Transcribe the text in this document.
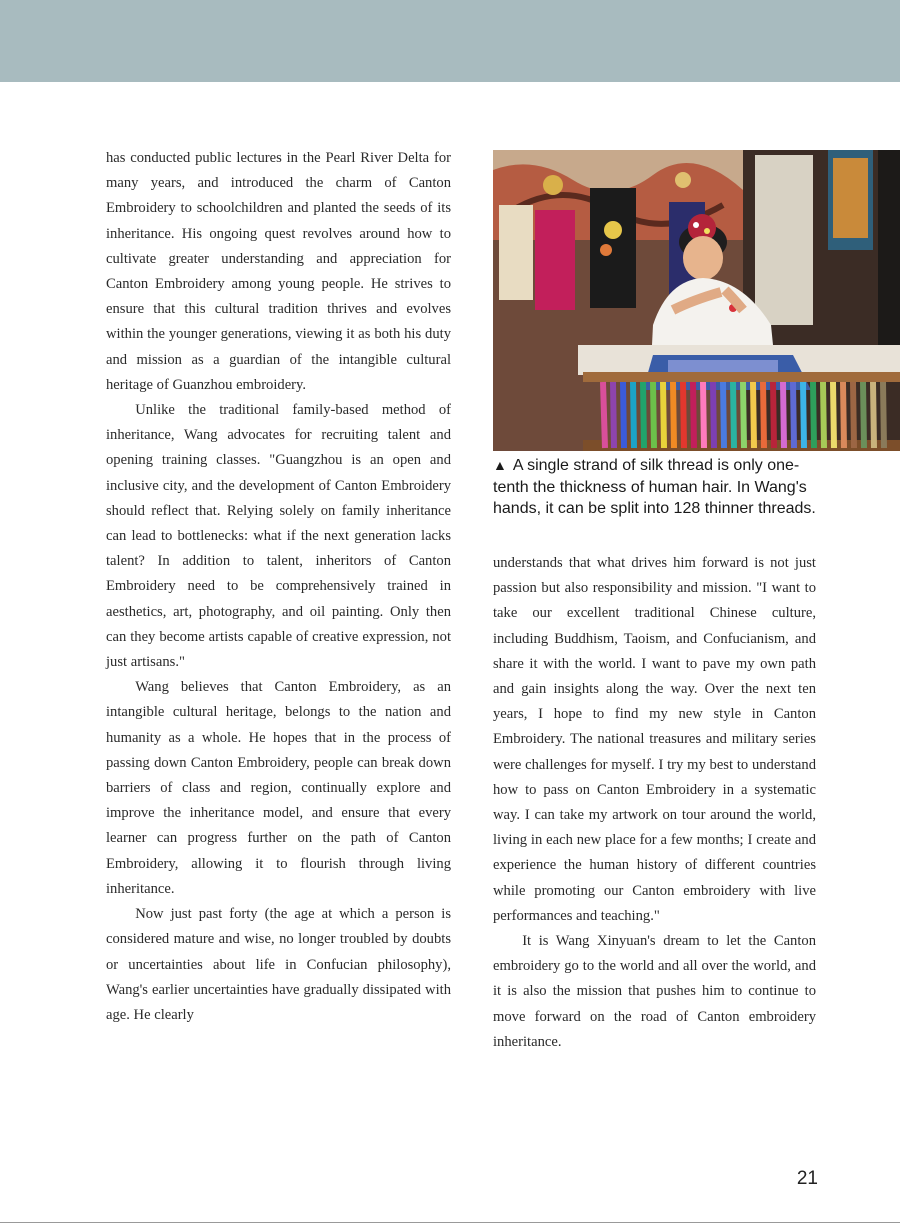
has conducted public lectures in the Pearl River Delta for many years, and introduced the charm of Canton Embroidery to schoolchildren and planted the seeds of its inheritance. His ongoing quest revolves around how to cultivate greater understanding and appreciation for Canton Embroidery among young people. He strives to ensure that this cultural tradition thrives and evolves within the younger generations, viewing it as both his duty and mission as a guardian of the intangible cultural heritage of Guanzhou embroidery.

Unlike the traditional family-based method of inheritance, Wang advocates for recruiting talent and opening training classes. "Guangzhou is an open and inclusive city, and the development of Canton Embroidery should reflect that. Relying solely on family inheritance can lead to bottlenecks: what if the next generation lacks talent? In addition to talent, inheritors of Canton Embroidery need to be comprehensively trained in aesthetics, art, photography, and oil painting. Only then can they become artists capable of creative expression, not just artisans."

Wang believes that Canton Embroidery, as an intangible cultural heritage, belongs to the nation and humanity as a whole. He hopes that in the process of passing down Canton Embroidery, people can break down barriers of class and region, continually explore and improve the inheritance model, and ensure that every learner can progress further on the path of Canton Embroidery, allowing it to flourish through living inheritance.

Now just past forty (the age at which a person is considered mature and wise, no longer troubled by doubts or uncertainties about life in Confucian philosophy), Wang's earlier uncertainties have gradually dissipated with age. He clearly

▲ A single strand of silk thread is only one-tenth the thickness of human hair. In Wang's hands, it can be split into 128 thinner threads.

understands that what drives him forward is not just passion but also responsibility and mission. "I want to take our excellent traditional Chinese culture, including Buddhism, Taoism, and Confucianism, and share it with the world. I want to pave my own path and gain insights along the way. Over the next ten years, I hope to find my new style in Canton Embroidery. The national treasures and military series were challenges for myself. I try my best to understand how to pass on Canton Embroidery in a systematic way. I can take my artwork on tour around the world, living in each new place for a few months; I create and experience the human history of different countries while promoting our Canton embroidery with live performances and teaching."

It is Wang Xinyuan's dream to let the Canton embroidery go to the world and all over the world, and it is also the mission that pushes him to continue to move forward on the road of Canton embroidery inheritance.

21
